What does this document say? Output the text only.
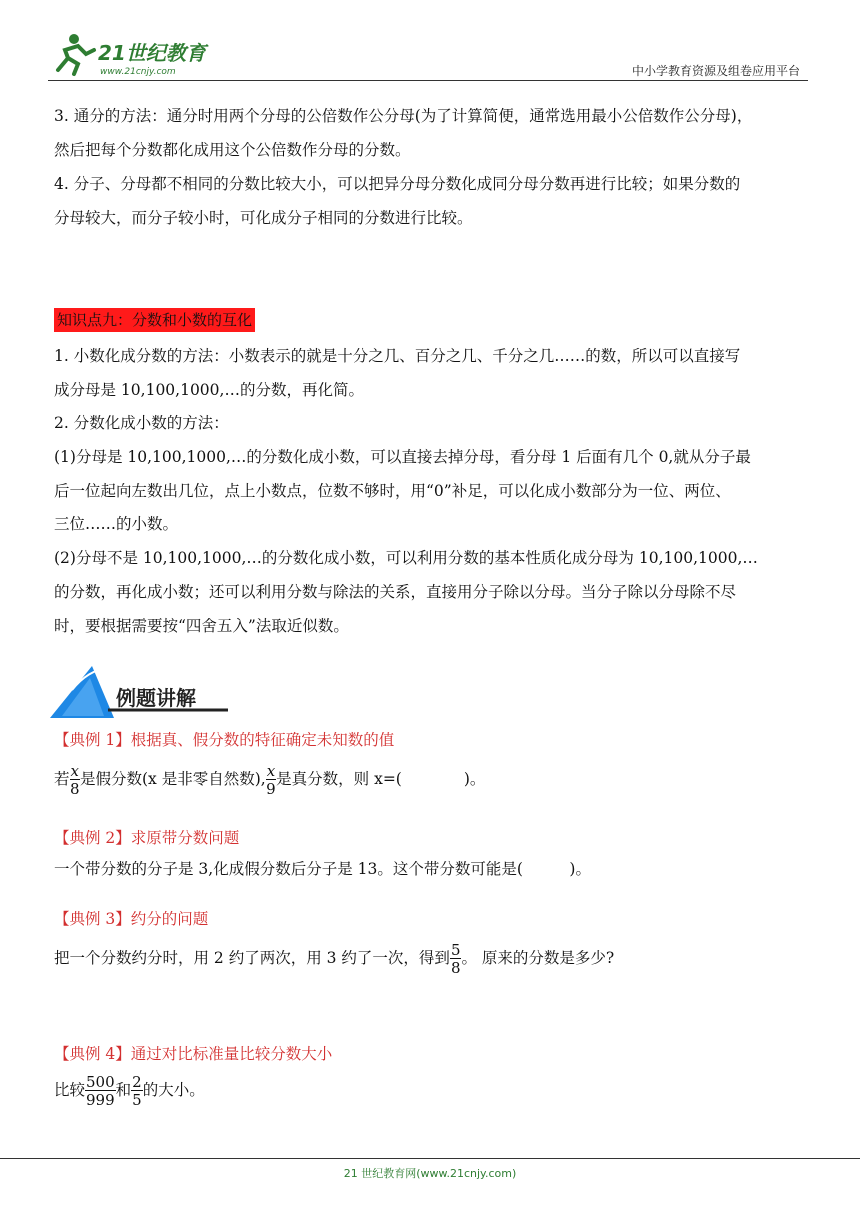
21世纪教育
www.21cnjy.com	中小学教育资源及组卷应用平台
3. 通分的方法：通分时用两个分母的公倍数作公分母(为了计算简便，通常选用最小公倍数作公分母)，
然后把每个分数都化成用这个公倍数作分母的分数。
4. 分子、分母都不相同的分数比较大小，可以把异分母分数化成同分母分数再进行比较；如果分数的
分母较大，而分子较小时，可化成分子相同的分数进行比较。
知识点九：分数和小数的互化
1. 小数化成分数的方法：小数表示的就是十分之几、百分之几、千分之几……的数，所以可以直接写
成分母是 10,100,1000,…的分数，再化简。
2. 分数化成小数的方法：
(1)分母是 10,100,1000,…的分数化成小数，可以直接去掉分母，看分母 1 后面有几个 0,就从分子最
后一位起向左数出几位，点上小数点，位数不够时，用“0”补足，可以化成小数部分为一位、两位、
三位……的小数。
(2)分母不是 10,100,1000,…的分数化成小数，可以利用分数的基本性质化成分母为 10,100,1000,…
的分数，再化成小数；还可以利用分数与除法的关系，直接用分子除以分母。当分子除以分母除不尽
时，要根据需要按“四舍五入”法取近似数。
例题讲解
【典例 1】根据真、假分数的特征确定未知数的值
若 $\frac{x}{8}$ 是假分数(x 是非零自然数), $\frac{x}{9}$ 是真分数，则 x=(　　　　)。
【典例 2】求原带分数问题
一个带分数的分子是 3,化成假分数后分子是 13。这个带分数可能是(　　　)。
【典例 3】约分的问题
把一个分数约分时，用 2 约了两次，用 3 约了一次，得到 $\frac{5}{8}$ 。 原来的分数是多少?
【典例 4】通过对比标准量比较分数大小
比较 $\frac{500}{999}$ 和 $\frac{2}{5}$ 的大小。
21 世纪教育网(www.21cnjy.com)
